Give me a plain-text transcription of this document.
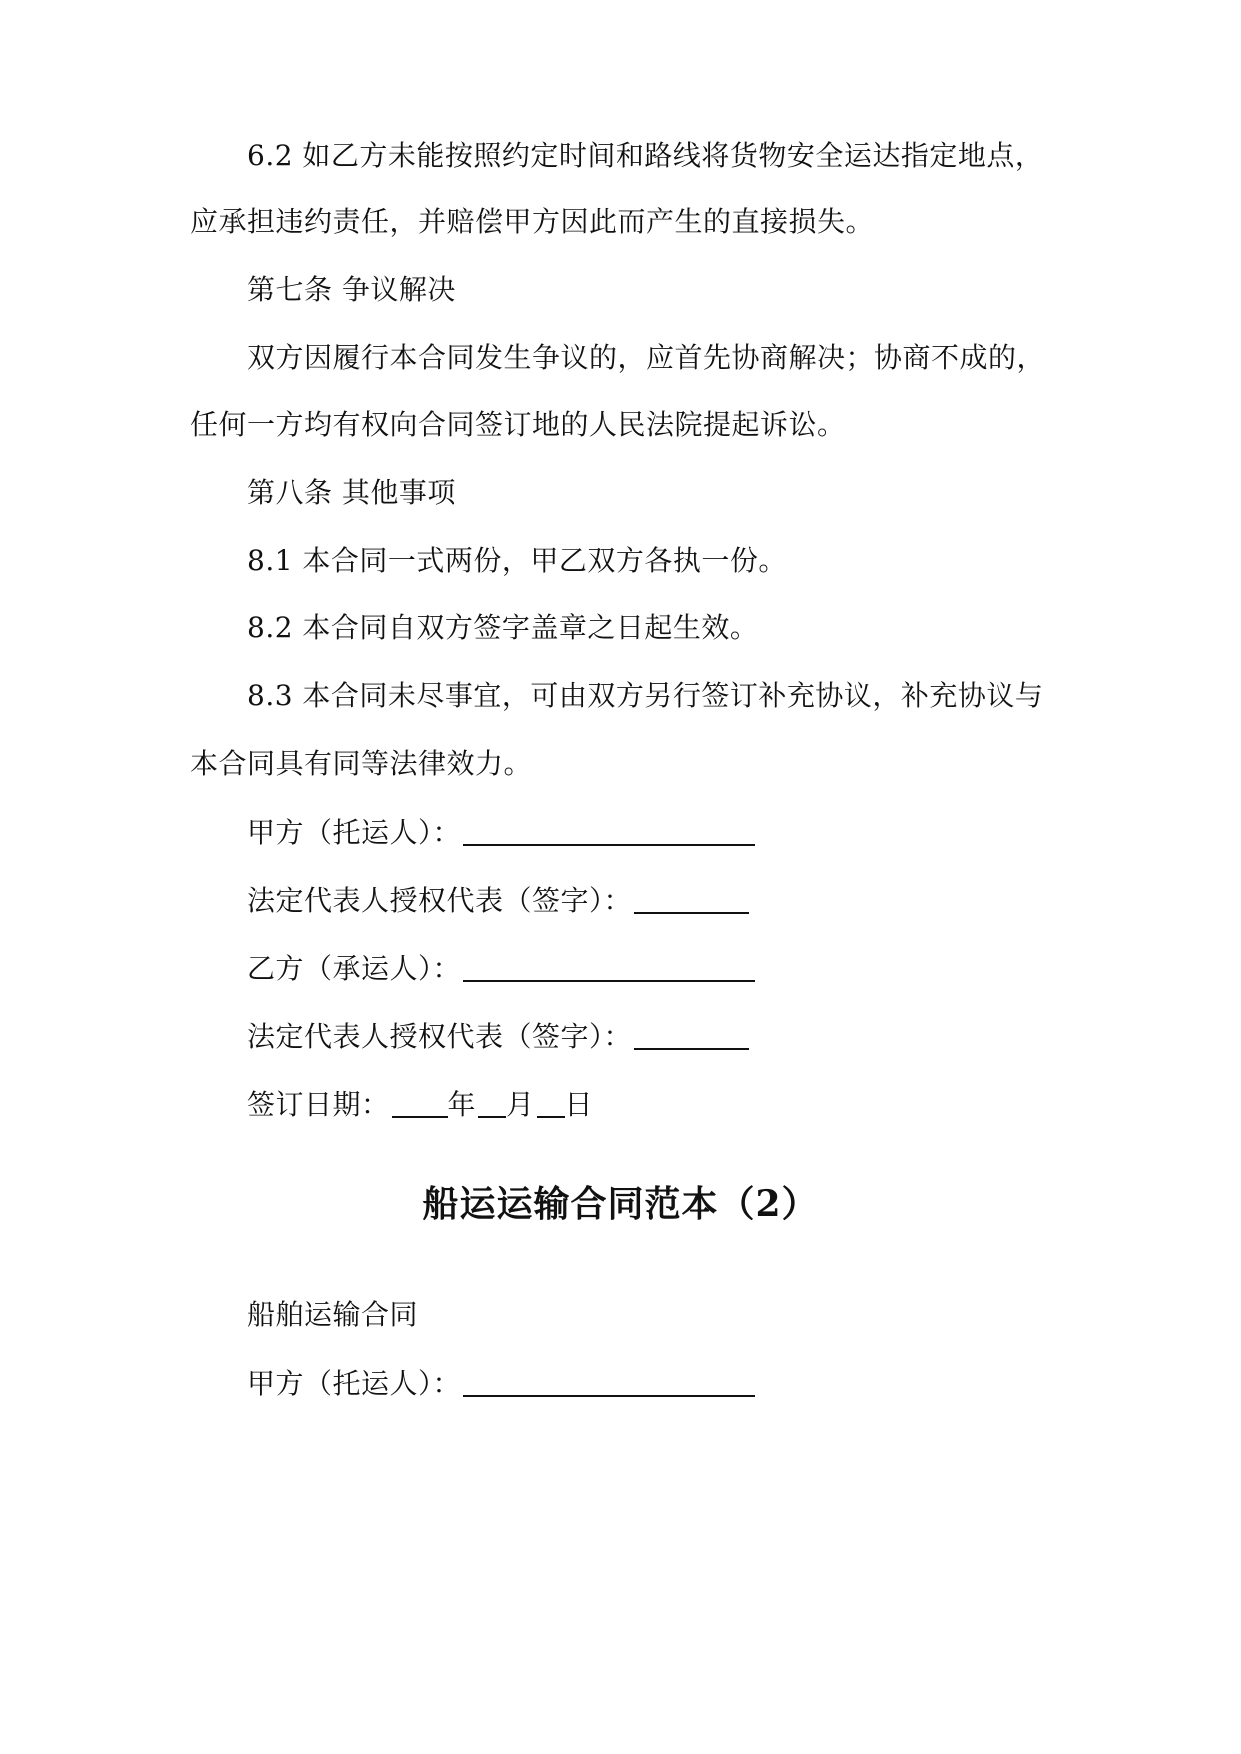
6.2 如乙方未能按照约定时间和路线将货物安全运达指定地点，
应承担违约责任，并赔偿甲方因此而产生的直接损失。
第七条 争议解决
双方因履行本合同发生争议的，应首先协商解决；协商不成的，
任何一方均有权向合同签订地的人民法院提起诉讼。
第八条 其他事项
8.1 本合同一式两份，甲乙双方各执一份。
8.2 本合同自双方签字盖章之日起生效。
8.3 本合同未尽事宜，可由双方另行签订补充协议，补充协议与
本合同具有同等法律效力。
甲方（托运人）：
法定代表人授权代表（签字）：
乙方（承运人）：
法定代表人授权代表（签字）：
签订日期： 年 月 日
船运运输合同范本（2）
船舶运输合同
甲方（托运人）：
